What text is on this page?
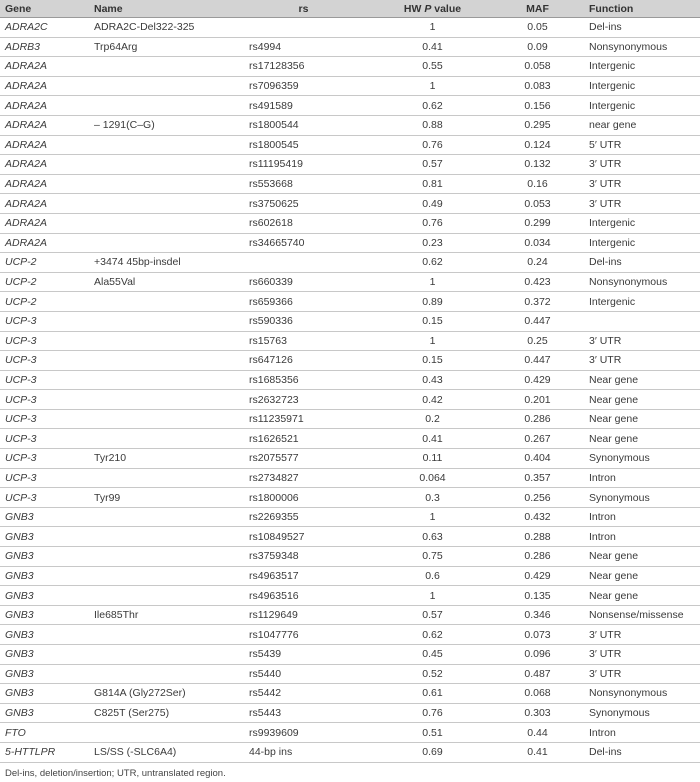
Gene	Name	rs	HW P value	MAF	Function
ADRA2C	ADRA2C-Del322-325		1	0.05	Del-ins
ADRB3	Trp64Arg	rs4994	0.41	0.09	Nonsynonymous
ADRA2A		rs17128356	0.55	0.058	Intergenic
ADRA2A		rs7096359	1	0.083	Intergenic
ADRA2A		rs491589	0.62	0.156	Intergenic
ADRA2A	– 1291(C–G)	rs1800544	0.88	0.295	near gene
ADRA2A		rs1800545	0.76	0.124	5′ UTR
ADRA2A		rs11195419	0.57	0.132	3′ UTR
ADRA2A		rs553668	0.81	0.16	3′ UTR
ADRA2A		rs3750625	0.49	0.053	3′ UTR
ADRA2A		rs602618	0.76	0.299	Intergenic
ADRA2A		rs34665740	0.23	0.034	Intergenic
UCP-2	+3474 45bp-insdel		0.62	0.24	Del-ins
UCP-2	Ala55Val	rs660339	1	0.423	Nonsynonymous
UCP-2		rs659366	0.89	0.372	Intergenic
UCP-3		rs590336	0.15	0.447	
UCP-3		rs15763	1	0.25	3′ UTR
UCP-3		rs647126	0.15	0.447	3′ UTR
UCP-3		rs1685356	0.43	0.429	Near gene
UCP-3		rs2632723	0.42	0.201	Near gene
UCP-3		rs11235971	0.2	0.286	Near gene
UCP-3		rs1626521	0.41	0.267	Near gene
UCP-3	Tyr210	rs2075577	0.11	0.404	Synonymous
UCP-3		rs2734827	0.064	0.357	Intron
UCP-3	Tyr99	rs1800006	0.3	0.256	Synonymous
GNB3		rs2269355	1	0.432	Intron
GNB3		rs10849527	0.63	0.288	Intron
GNB3		rs3759348	0.75	0.286	Near gene
GNB3		rs4963517	0.6	0.429	Near gene
GNB3		rs4963516	1	0.135	Near gene
GNB3	Ile685Thr	rs1129649	0.57	0.346	Nonsense/missense
GNB3		rs1047776	0.62	0.073	3′ UTR
GNB3		rs5439	0.45	0.096	3′ UTR
GNB3		rs5440	0.52	0.487	3′ UTR
GNB3	G814A (Gly272Ser)	rs5442	0.61	0.068	Nonsynonymous
GNB3	C825T (Ser275)	rs5443	0.76	0.303	Synonymous
FTO		rs9939609	0.51	0.44	Intron
5-HTTLPR	LS/SS (-SLC6A4)	44-bp ins	0.69	0.41	Del-ins
Del-ins, deletion/insertion; UTR, untranslated region.
